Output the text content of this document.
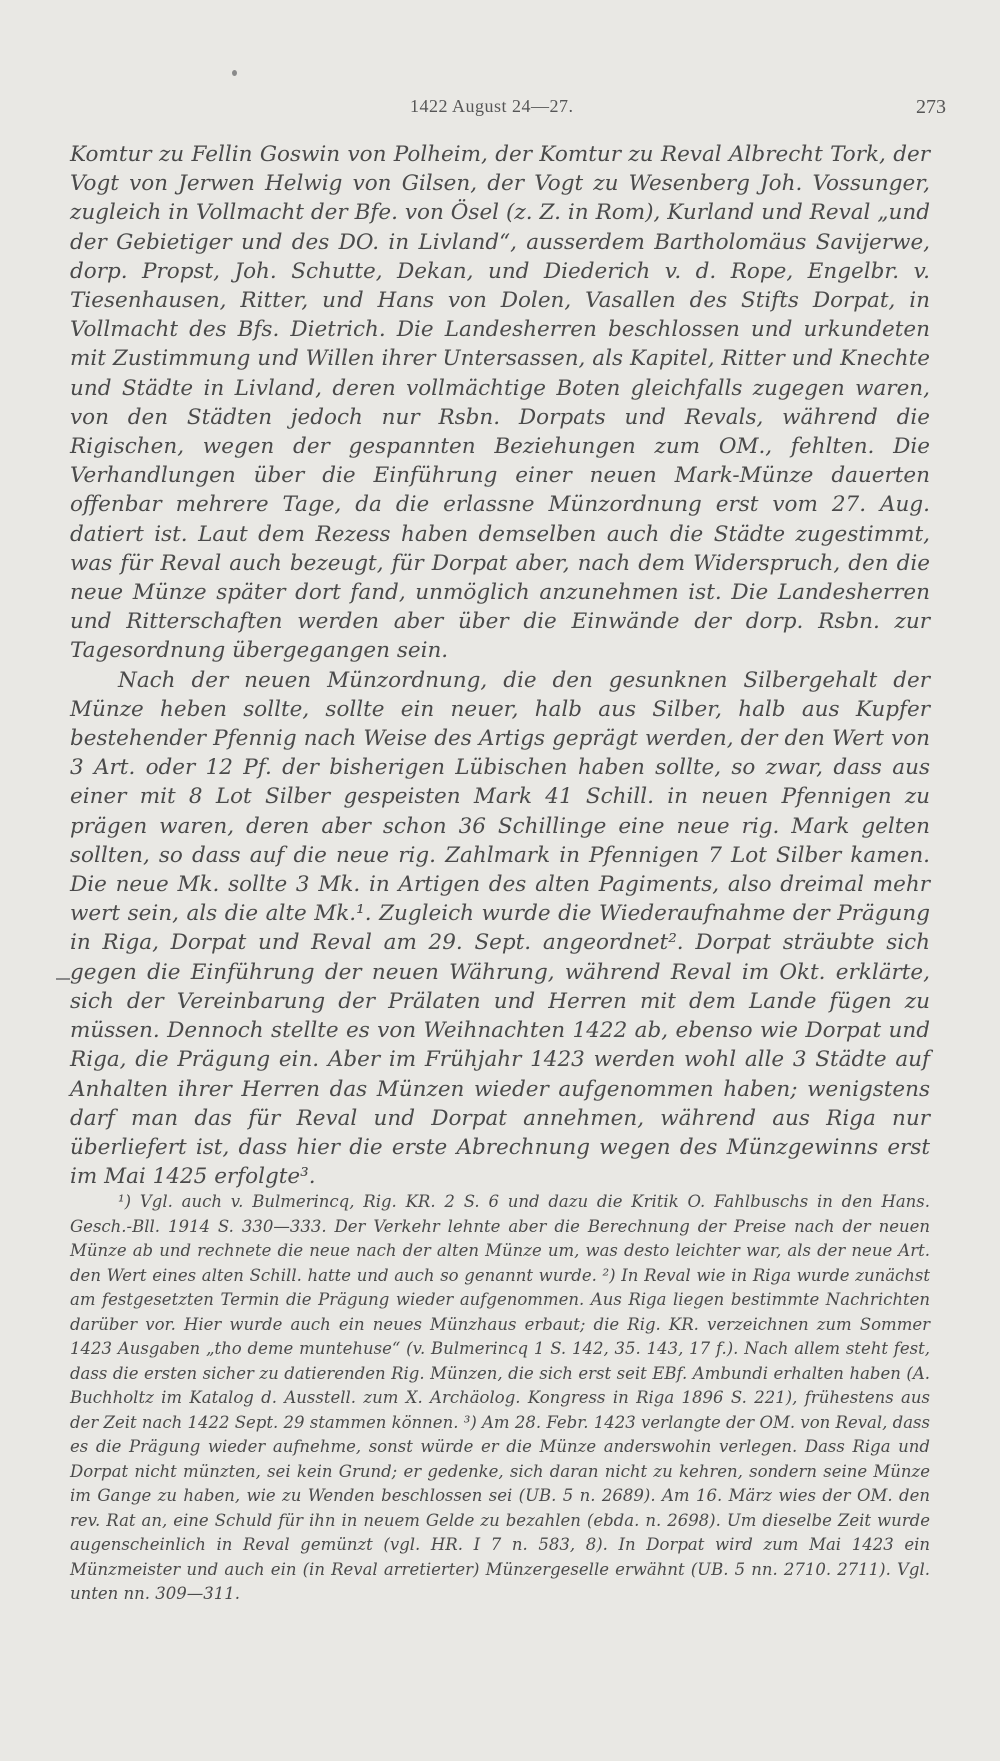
1422 August 24—27.	273

Komtur zu Fellin Goswin von Polheim, der Komtur zu Reval Albrecht Tork, der Vogt von Jerwen Helwig von Gilsen, der Vogt zu Wesenberg Joh. Vossunger, zugleich in Vollmacht der Bfe. von Ösel (z. Z. in Rom), Kurland und Reval „und der Gebietiger und des DO. in Livland“, ausserdem Bartholomäus Savijerwe, dorp. Propst, Joh. Schutte, Dekan, und Diederich v. d. Rope, Engelbr. v. Tiesenhausen, Ritter, und Hans von Dolen, Vasallen des Stifts Dorpat, in Vollmacht des Bfs. Dietrich. Die Landesherren beschlossen und urkundeten mit Zustimmung und Willen ihrer Untersassen, als Kapitel, Ritter und Knechte und Städte in Livland, deren vollmächtige Boten gleichfalls zugegen waren, von den Städten jedoch nur Rsbn. Dorpats und Revals, während die Rigischen, wegen der gespannten Beziehungen zum OM., fehlten. Die Verhandlungen über die Einführung einer neuen Mark-Münze dauerten offenbar mehrere Tage, da die erlassne Münzordnung erst vom 27. Aug. datiert ist. Laut dem Rezess haben demselben auch die Städte zugestimmt, was für Reval auch bezeugt, für Dorpat aber, nach dem Widerspruch, den die neue Münze später dort fand, unmöglich anzunehmen ist. Die Landesherren und Ritterschaften werden aber über die Einwände der dorp. Rsbn. zur Tagesordnung übergegangen sein.

Nach der neuen Münzordnung, die den gesunknen Silbergehalt der Münze heben sollte, sollte ein neuer, halb aus Silber, halb aus Kupfer bestehender Pfennig nach Weise des Artigs geprägt werden, der den Wert von 3 Art. oder 12 Pf. der bisherigen Lübischen haben sollte, so zwar, dass aus einer mit 8 Lot Silber gespeisten Mark 41 Schill. in neuen Pfennigen zu prägen waren, deren aber schon 36 Schillinge eine neue rig. Mark gelten sollten, so dass auf die neue rig. Zahlmark in Pfennigen 7 Lot Silber kamen. Die neue Mk. sollte 3 Mk. in Artigen des alten Pagiments, also dreimal mehr wert sein, als die alte Mk.¹. Zugleich wurde die Wiederaufnahme der Prägung in Riga, Dorpat und Reval am 29. Sept. angeordnet². Dorpat sträubte sich gegen die Einführung der neuen Währung, während Reval im Okt. erklärte, sich der Vereinbarung der Prälaten und Herren mit dem Lande fügen zu müssen. Dennoch stellte es von Weihnachten 1422 ab, ebenso wie Dorpat und Riga, die Prägung ein. Aber im Frühjahr 1423 werden wohl alle 3 Städte auf Anhalten ihrer Herren das Münzen wieder aufgenommen haben; wenigstens darf man das für Reval und Dorpat annehmen, während aus Riga nur überliefert ist, dass hier die erste Abrechnung wegen des Münzgewinns erst im Mai 1425 erfolgte³.

¹) Vgl. auch v. Bulmerincq, Rig. KR. 2 S. 6 und dazu die Kritik O. Fahlbuschs in den Hans. Gesch.-Bll. 1914 S. 330—333. Der Verkehr lehnte aber die Berechnung der Preise nach der neuen Münze ab und rechnete die neue nach der alten Münze um, was desto leichter war, als der neue Art. den Wert eines alten Schill. hatte und auch so genannt wurde. ²) In Reval wie in Riga wurde zunächst am festgesetzten Termin die Prägung wieder aufgenommen. Aus Riga liegen bestimmte Nachrichten darüber vor. Hier wurde auch ein neues Münzhaus erbaut; die Rig. KR. verzeichnen zum Sommer 1423 Ausgaben „tho deme muntehuse“ (v. Bulmerincq 1 S. 142, 35. 143, 17 f.). Nach allem steht fest, dass die ersten sicher zu datierenden Rig. Münzen, die sich erst seit EBf. Ambundi erhalten haben (A. Buchholtz im Katalog d. Ausstell. zum X. Archäolog. Kongress in Riga 1896 S. 221), frühestens aus der Zeit nach 1422 Sept. 29 stammen können. ³) Am 28. Febr. 1423 verlangte der OM. von Reval, dass es die Prägung wieder aufnehme, sonst würde er die Münze anderswohin verlegen. Dass Riga und Dorpat nicht münzten, sei kein Grund; er gedenke, sich daran nicht zu kehren, sondern seine Münze im Gange zu haben, wie zu Wenden beschlossen sei (UB. 5 n. 2689). Am 16. März wies der OM. den rev. Rat an, eine Schuld für ihn in neuem Gelde zu bezahlen (ebda. n. 2698). Um dieselbe Zeit wurde augenscheinlich in Reval gemünzt (vgl. HR. I 7 n. 583, 8). In Dorpat wird zum Mai 1423 ein Münzmeister und auch ein (in Reval arretierter) Münzergeselle erwähnt (UB. 5 nn. 2710. 2711). Vgl. unten nn. 309—311.
